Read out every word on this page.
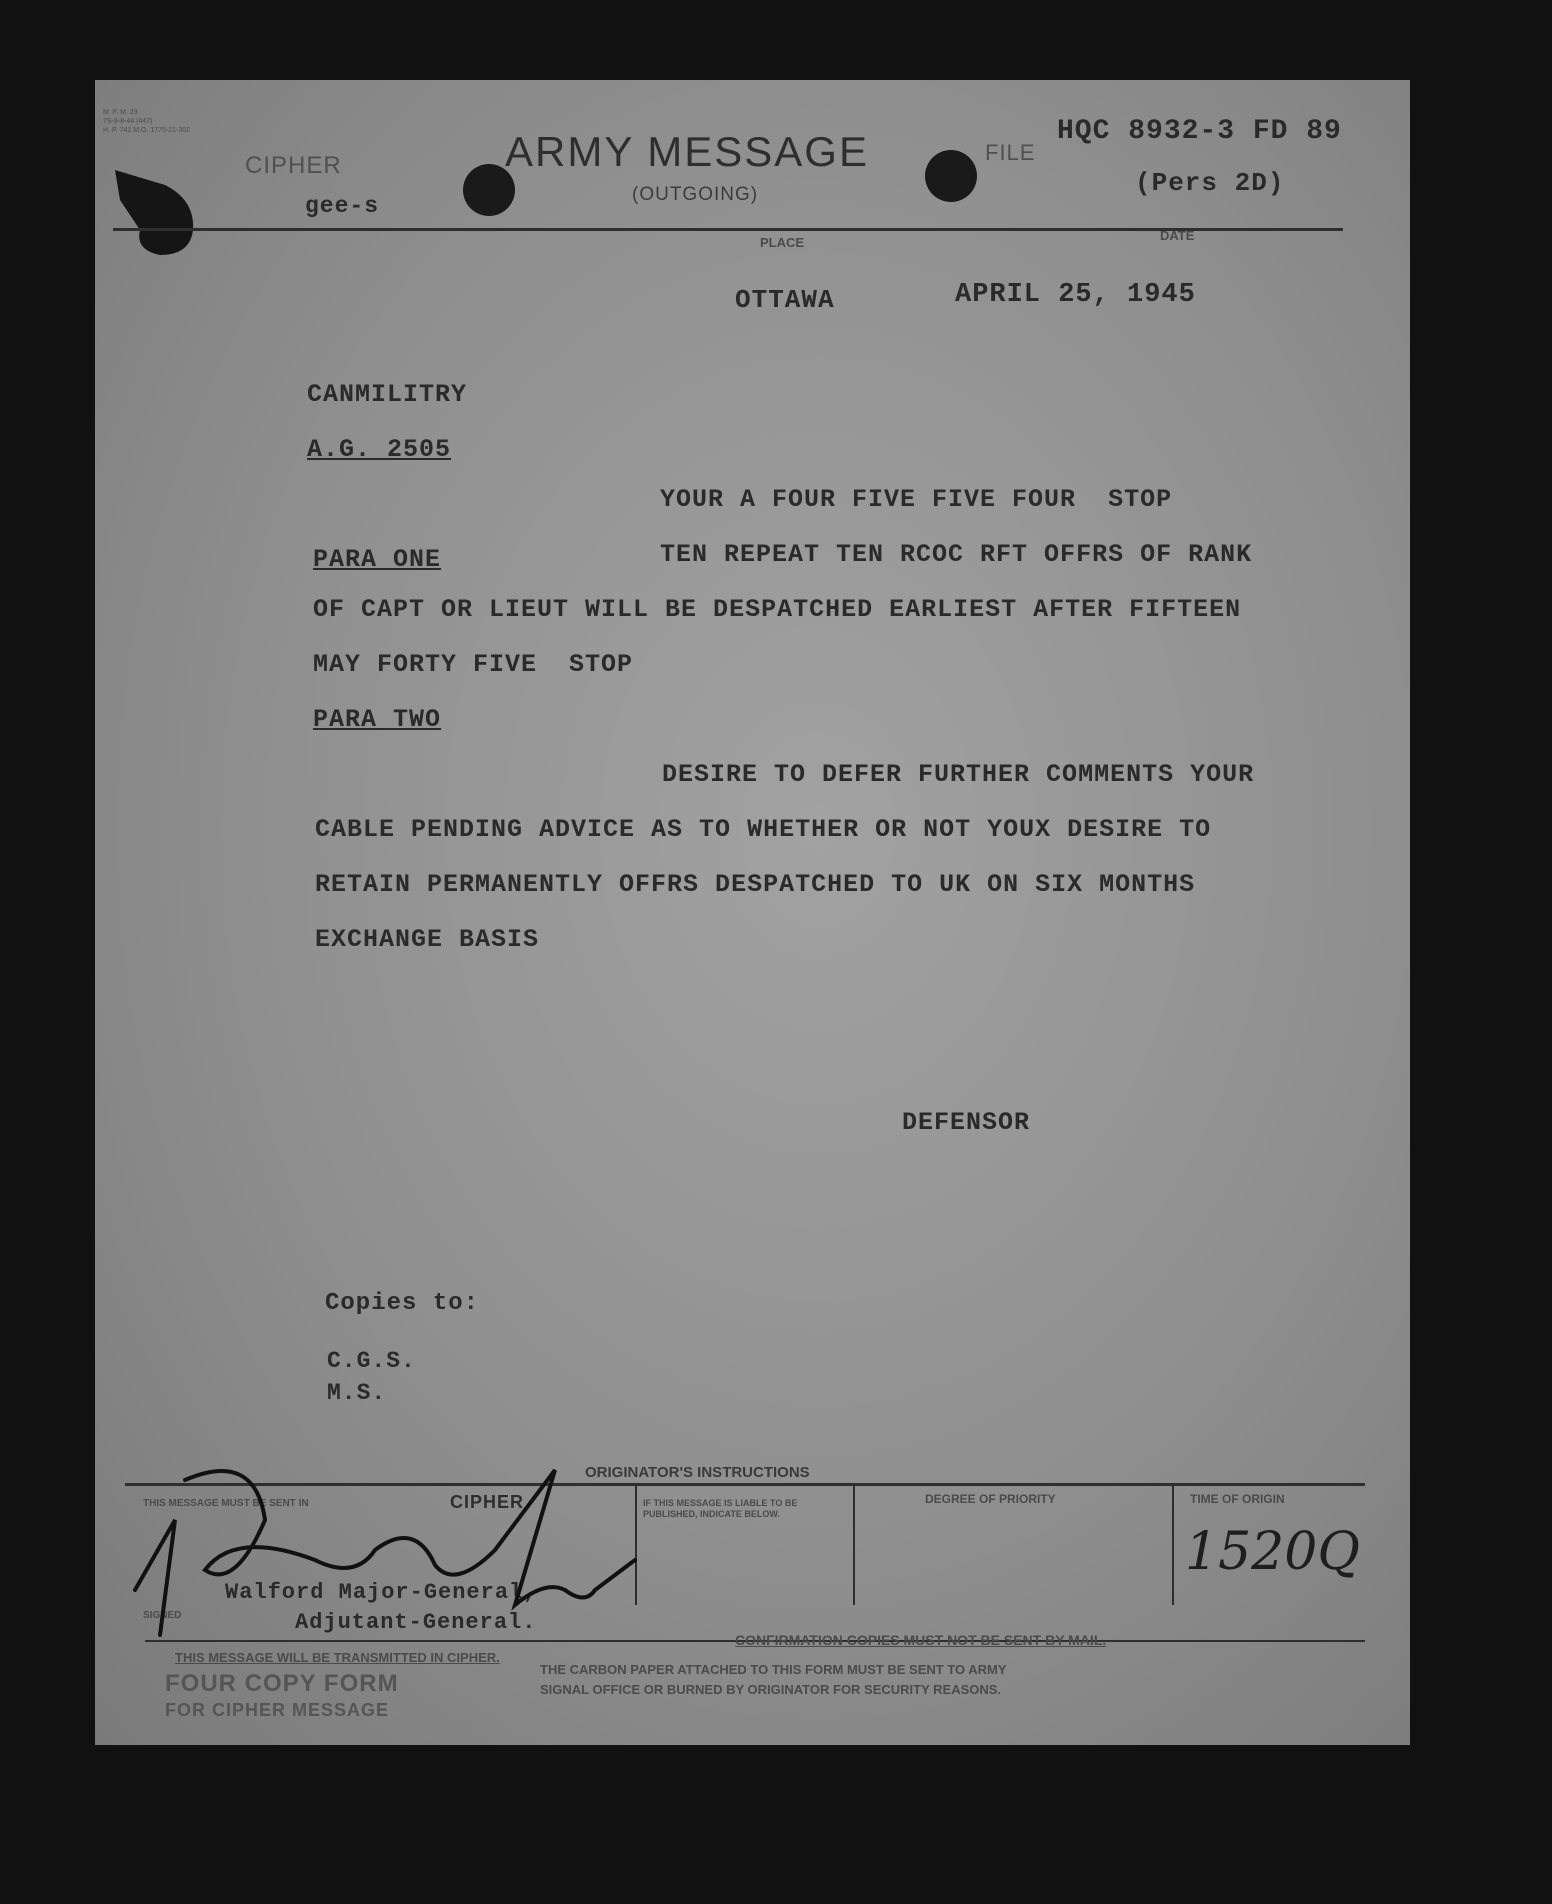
M. F. M. 23
7S-8-8-44 (447)
H. P. 741 M.O. 1775-21-302
CIPHER
gee-s
ARMY MESSAGE
(OUTGOING)
FILE
HQC 8932-3 FD 89
(Pers 2D)
PLACE	DATE
OTTAWA	APRIL 25, 1945
CANMILITRY
A.G. 2505
YOUR A FOUR FIVE FIVE FOUR  STOP
PARA ONE	TEN REPEAT TEN RCOC RFT OFFRS OF RANK
OF CAPT OR LIEUT WILL BE DESPATCHED EARLIEST AFTER FIFTEEN
MAY FORTY FIVE  STOP
PARA TWO
DESIRE TO DEFER FURTHER COMMENTS YOUR
CABLE PENDING ADVICE AS TO WHETHER OR NOT YOUX DESIRE TO
RETAIN PERMANENTLY OFFRS DESPATCHED TO UK ON SIX MONTHS
EXCHANGE BASIS
DEFENSOR
Copies to:
C.G.S.
M.S.
ORIGINATOR'S INSTRUCTIONS
THIS MESSAGE MUST BE SENT IN	CIPHER	IF THIS MESSAGE IS LIABLE TO BE PUBLISHED, INDICATE BELOW.
DEGREE OF PRIORITY	TIME OF ORIGIN
1520Q
SIGNED
Walford Major-General,
Adjutant-General.
THIS MESSAGE WILL BE TRANSMITTED IN CIPHER.
CONFIRMATION COPIES MUST NOT BE SENT BY MAIL.
FOUR COPY FORM
FOR CIPHER MESSAGE
THE CARBON PAPER ATTACHED TO THIS FORM MUST BE SENT TO ARMY
SIGNAL OFFICE OR BURNED BY ORIGINATOR FOR SECURITY REASONS.
